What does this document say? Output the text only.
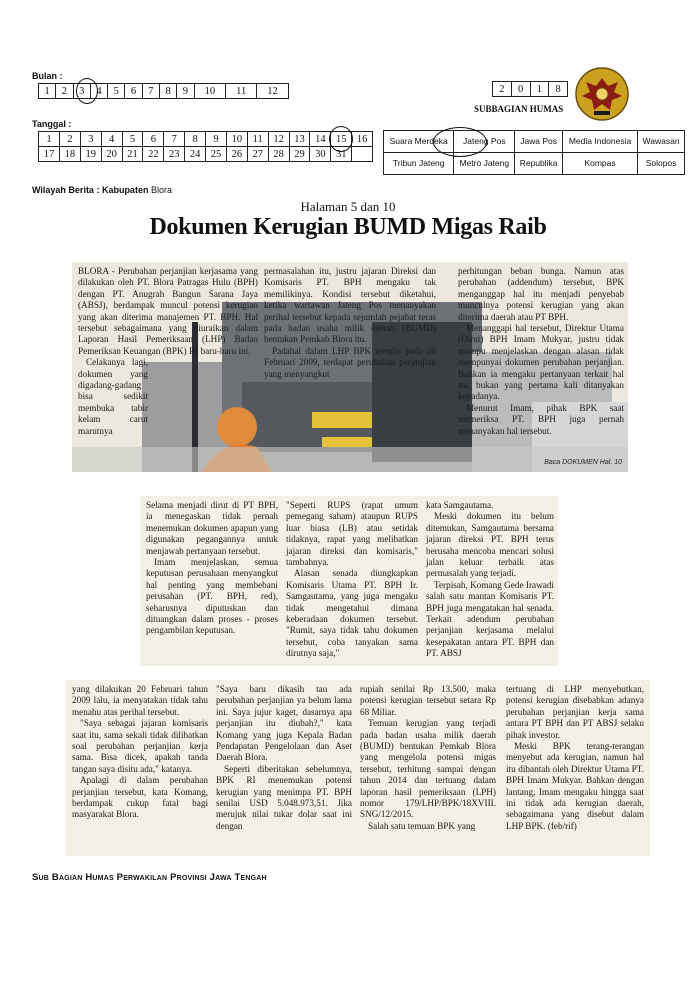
Bulan :
1	2	3	4	5	6	7	8	9	10	11	12	2	0	1	8
SUBBAGIAN HUMAS
Tanggal :
1	2	3	4	5	6	7	8	9	10	11	12	13	14	15	16
17	18	19	20	21	22	23	24	25	26	27	28	29	30	31	
Suara Merdeka	Jateng Pos	Jawa Pos	Media Indonesia	Wawasan
Tribun Jateng	Metro Jateng	Republika	Kompas	Solopos
Wilayah Berita : Kabupaten Blora
Halaman 5 dan 10
Dokumen Kerugian BUMD Migas Raib

BLORA - Perubahan perjanjian kerjasama yang dilakukan oleh PT. Blora Patragas Hulu (BPH) dengan PT. Anugrah Bangun Sarana Jaya (ABSJ), berdampak muncul potensi kerugian yang akan diterima manajemen PT. BPH. Hal tersebut sebagaimana yang diuraikan dalam Laporan Hasil Pemeriksaan (LHP) Badan Pemeriksan Keuangan (BPK) RI baru-baru ini.

Celakanya lagi, dokumen yang digadang-gadang bisa sedikit membuka tabir kelam carut marutnya

permasalahan itu, justru jajaran Direksi dan Komisaris PT. BPH mengaku tak memilikinya. Kondisi tersebut diketahui, ketika wartawan Jateng Pos menanyakan perihal tersebut kepada sejumlah pejabat teras pada badan usaha milik daerah (BUMD) bentukan Pemkab Blora itu.

Padahal dalam LHP BPK tertulis pada 20 Februari 2009, terdapat perubahan perjanjian yang menyangkut

perhitungan beban bunga. Namun atas perubahan (addendum) tersebut, BPK menganggap hal itu menjadi penyebab munculnya potensi kerugian yang akan diterima daerah atau PT BPH.

Menanggapi hal tersebut, Direktur Utama (Dirut) BPH Imam Mukyar, justru tidak mampu menjelaskan dengan alasan tidak mempunyai dokumen perubahan perjanjian. Bahkan ia mengaku pertanyaan terkait hal itu, bukan yang pertama kali ditanyakan kepadanya.

Menurut Imam, pihak BPK saat memeriksa PT. BPH juga pernah menanyakan hal tersebut.

Baca DOKUMEN Hal. 10

Selama menjadi dirut di PT BPH, ia menegaskan tidak pernah menemukan dokumen apapun yang digunakan pegangannya untuk menjawab pertanyaan tersebut.

Imam menjelaskan, semua keputusan perusahaan menyangkut hal penting yang membebani perusahan (PT. BPH, red), seharusnya diputuskan dan dituangkan dalam proses - proses pengambilan keputusan.

"Seperti RUPS (rapat umum pemegang saham) ataupun RUPS luar biasa (LB) atau setidak tidaknya, rapat yang melibatkan jajaran direksi dan komisaris," tambahnya.

Alasan senada diungkapkan Komisaris Utama PT. BPH Ir. Samgautama, yang juga mengaku tidak mengetahui dimana keberadaan dokumen tersebut. "Rumit, saya tidak tahu dokumen tersebut, coba tanyakan sama dirutnya saja,"

kata Samgautama.

Meski dokumen itu belum ditemukan, Samgautama bersama jajaran direksi PT. BPH terus berusaha mencoba mencari solusi jalan keluar terbaik atas permasalah yang terjadi.

Terpisah, Komang Gede Irawadi salah satu mantan Komisaris PT. BPH juga mengatakan hal senada. Terkait adendum perubahan perjanjian kerjasama melalui kesepakatan antara PT. BPH dan PT. ABSJ

yang dilakukan 20 Februari tahun 2009 lalu, ia menyatakan tidak tahu menahu atas perihal tersebut.

"Saya sebagai jajaran komisaris saat itu, sama sekali tidak dilibatkan soal perubahan perjanjian kerja sama. Bisa dicek, apakah tanda tangan saya disitu ada," katanya.

Apalagi di dalam perubahan perjanjian tersebut, kata Komang, berdampak cukup fatal bagi masyarakat Blora.

"Saya baru dikasih tau ada perubahan perjanjian ya belum lama ini. Saya jujur kaget, dasarnya apa perjanjian itu diubah?," kata Komang yang juga Kepala Badan Pendapatan Pengelolaan dan Aset Daerah Blora.

Seperti diberitakan sebelumnya, BPK RI menemukan potensi kerugian yang menimpa PT. BPH senilai USD 5.048.973,51. Jika merujuk nilai tukar dolar saat ini dengan

rupiah senilai Rp 13.500, maka potensi kerugian tersebut setara Rp 68 Miliar.

Temuan kerugian yang terjadi pada badan usaha milik daerah (BUMD) bentukan Pemkab Blora yang mengelola potensi migas tersebut, terhitung sampai dengan tahun 2014 dan tertuang dalam laporan hasil pemeriksaan (LPH) nomor 179/LHP/BPK/18XVIII. SNG/12/2015.

Salah satu temuan BPK yang

tertuang di LHP menyebutkan, potensi kerugian disebabkan adanya perubahan perjanjian kerja sama antara PT BPH dan PT ABSJ selaku pihak investor.

Meski BPK terang-terangan menyebut ada kerugian, namun hal itu dibantah oleh Direktur Utama PT. BPH Imam Mukyar. Bahkan dengan lantang, Imam mengaku hingga saat ini tidak ada kerugian daerah, sebagaimana yang disebut dalam LHP BPK. (feb/rif)

Sub Bagian Humas Perwakilan Provinsi Jawa Tengah
